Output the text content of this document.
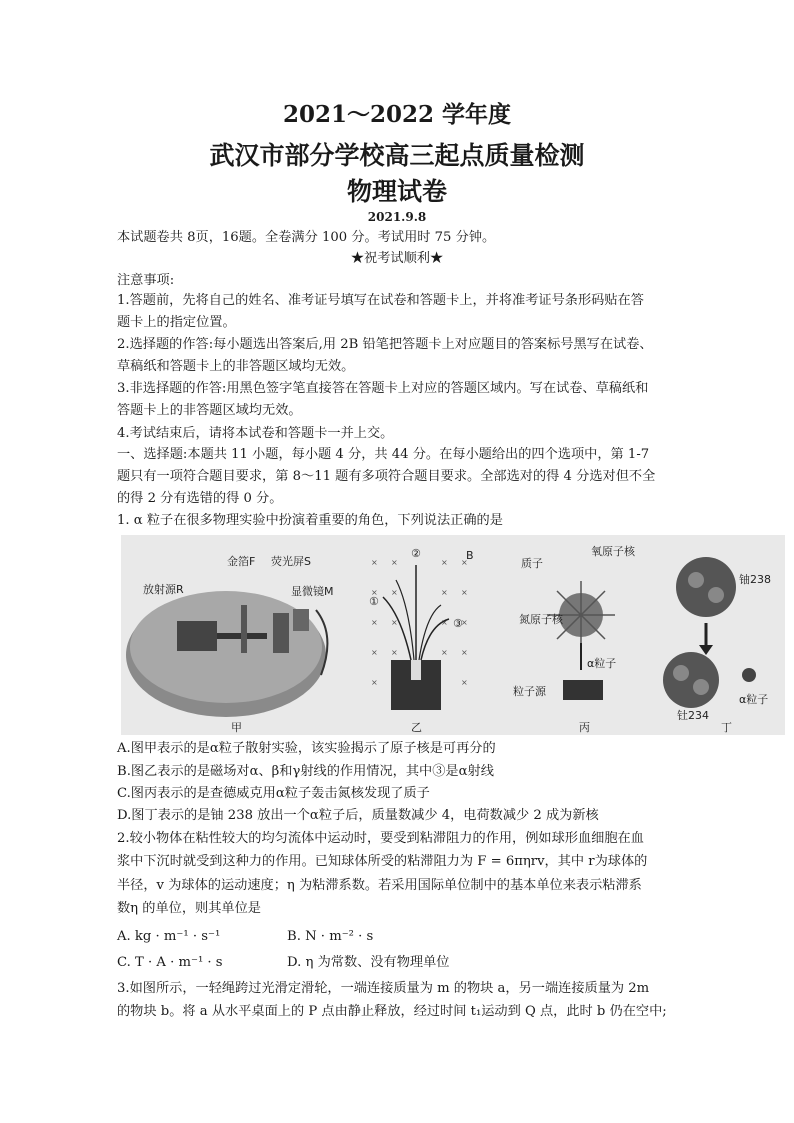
2021～2022 学年度
武汉市部分学校高三起点质量检测
物理试卷
2021.9.8
本试题卷共 8页，16题。全卷满分 100 分。考试用时 75 分钟。
★祝考试顺利★
注意事项:
1.答题前，先将自己的姓名、准考证号填写在试卷和答题卡上，并将准考证号条形码贴在答
题卡上的指定位置。
2.选择题的作答:每小题选出答案后,用 2B 铅笔把答题卡上对应题目的答案标号黑写在试卷、
草稿纸和答题卡上的非答题区域均无效。
3.非选择题的作答:用黑色签字笔直接答在答题卡上对应的答题区域内。写在试卷、草稿纸和
答题卡上的非答题区域均无效。
4.考试结束后，请将本试卷和答题卡一并上交。
一、选择题:本题共 11 小题，每小题 4 分，共 44 分。在每小题给出的四个选项中，第 1-7
题只有一项符合题目要求，第 8～11 题有多项符合题目要求。全部选对的得 4 分选对但不全
的得 2 分有选错的得 0 分。
1. α 粒子在很多物理实验中扮演着重要的角色，下列说法正确的是
金箔F 荧光屏S
显微镜M
放射源R
甲
× ×	× ×
× ×	× ×
× ×	× ×
× ×	× ×
×	×
②
①
③
B
乙
质子
氧原子核
氮原子核
α粒子
粒子源
丙
铀238
钍234
α粒子
丁
A.图甲表示的是α粒子散射实验，该实验揭示了原子核是可再分的
B.图乙表示的是磁场对α、β和γ射线的作用情况，其中③是α射线
C.图丙表示的是查德威克用α粒子轰击氮核发现了质子
D.图丁表示的是铀 238 放出一个α粒子后，质量数减少 4，电荷数减少 2 成为新核
2.较小物体在粘性较大的均匀流体中运动时，要受到粘滞阻力的作用，例如球形血细胞在血
浆中下沉时就受到这种力的作用。已知球体所受的粘滞阻力为 F = 6πηrv，其中 r为球体的
半径，v 为球体的运动速度；η 为粘滞系数。若采用国际单位制中的基本单位来表示粘滞系
数η 的单位，则其单位是
A. kg · m⁻¹ · s⁻¹	B. N · m⁻² · s
C. T · A · m⁻¹ · s	D. η 为常数、没有物理单位
3.如图所示，一轻绳跨过光滑定滑轮，一端连接质量为 m 的物块 a，另一端连接质量为 2m
的物块 b。将 a 从水平桌面上的 P 点由静止释放，经过时间 t₁运动到 Q 点，此时 b 仍在空中;
